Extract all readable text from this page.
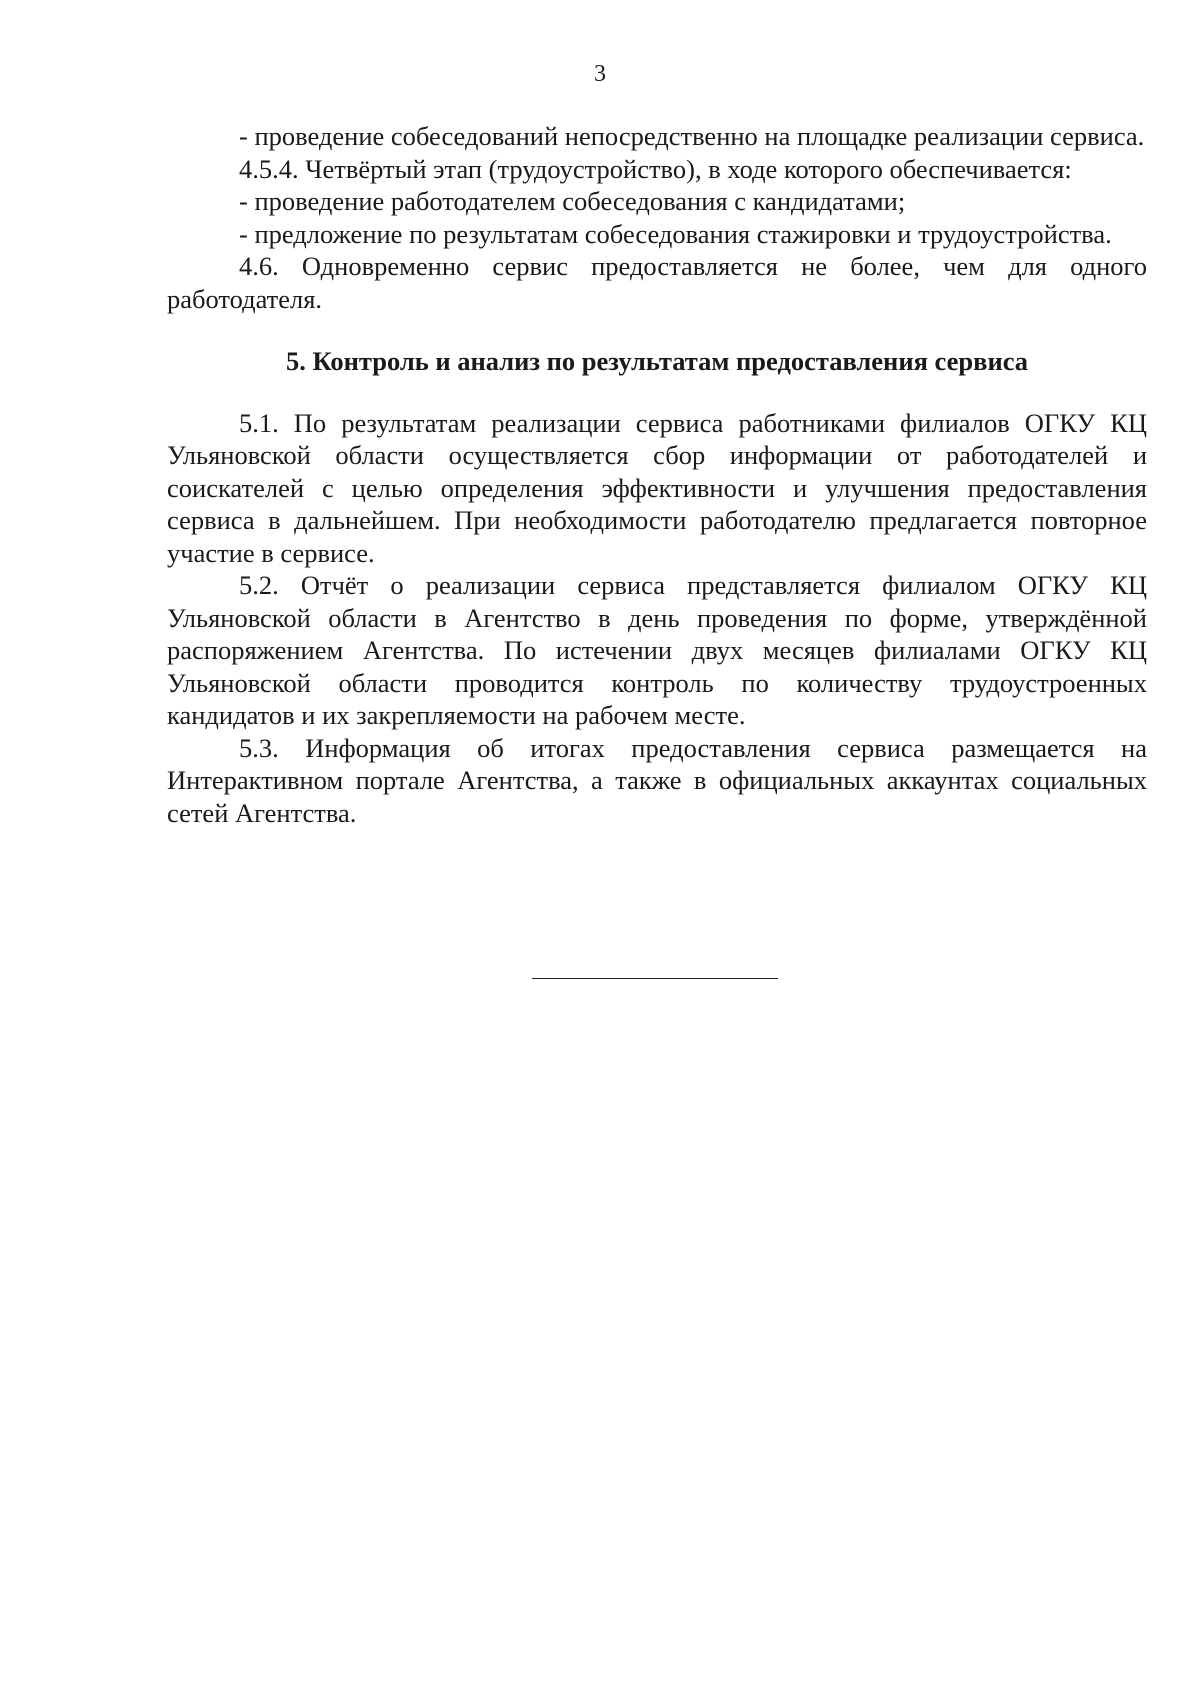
3

- проведение собеседований непосредственно на площадке реализации сервиса.

4.5.4. Четвёртый этап (трудоустройство), в ходе которого обеспечивается:

- проведение работодателем собеседования с кандидатами;

- предложение по результатам собеседования стажировки и трудоустройства.

4.6. Одновременно сервис предоставляется не более, чем для одного работодателя.

5. Контроль и анализ по результатам предоставления сервиса

5.1. По результатам реализации сервиса работниками филиалов ОГКУ КЦ Ульяновской области осуществляется сбор информации от работодателей и соискателей с целью определения эффективности и улучшения предоставления сервиса в дальнейшем. При необходимости работодателю предлагается повторное участие в сервисе.

5.2. Отчёт о реализации сервиса представляется филиалом ОГКУ КЦ Ульяновской области в Агентство в день проведения по форме, утверждённой распоряжением Агентства. По истечении двух месяцев филиалами ОГКУ КЦ Ульяновской области проводится контроль по количеству трудоустроенных кандидатов и их закрепляемости на рабочем месте.

5.3. Информация об итогах предоставления сервиса размещается на Интерактивном портале Агентства, а также в официальных аккаунтах социальных сетей Агентства.
